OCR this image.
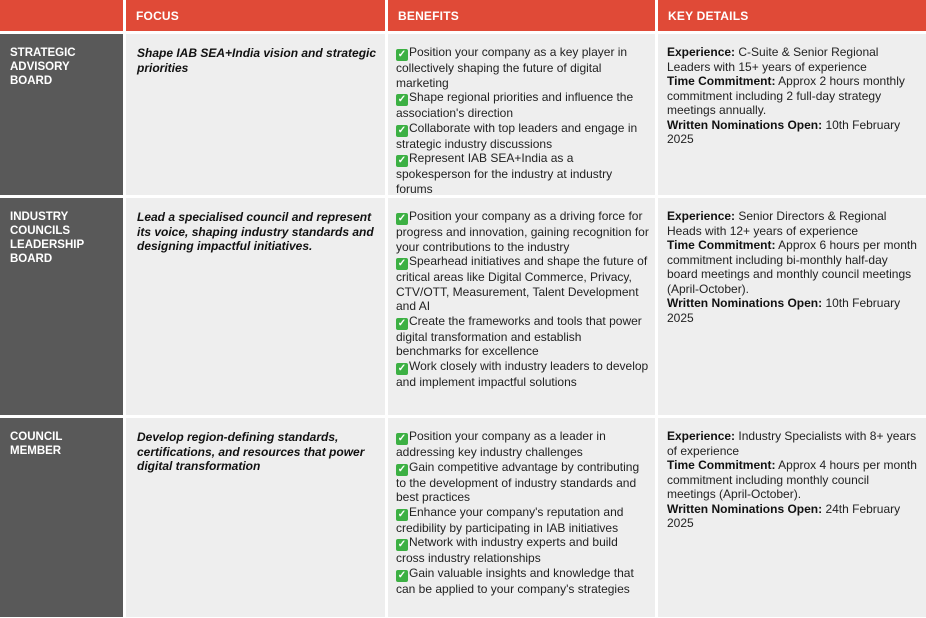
FOCUS	BENEFITS	KEY DETAILS
STRATEGIC ADVISORY BOARD
Shape IAB SEA+India vision and strategic priorities
✓ Position your company as a key player in collectively shaping the future of digital marketing
✓ Shape regional priorities and influence the association's direction
✓ Collaborate with top leaders and engage in strategic industry discussions
✓ Represent IAB SEA+India as a spokesperson for the industry at industry forums
Experience: C-Suite & Senior Regional Leaders with 15+ years of experience
Time Commitment: Approx 2 hours monthly commitment including 2 full-day strategy meetings annually.
Written Nominations Open: 10th February 2025
INDUSTRY COUNCILS LEADERSHIP BOARD
Lead a specialised council and represent its voice, shaping industry standards and designing impactful initiatives.
✓ Position your company as a driving force for progress and innovation, gaining recognition for your contributions to the industry
✓ Spearhead initiatives and shape the future of critical areas like Digital Commerce, Privacy, CTV/OTT, Measurement, Talent Development and AI
✓ Create the frameworks and tools that power digital transformation and establish benchmarks for excellence
✓ Work closely with industry leaders to develop and implement impactful solutions
Experience: Senior Directors & Regional Heads with 12+ years of experience
Time Commitment: Approx 6 hours per month commitment including bi-monthly half-day board meetings and monthly council meetings (April-October).
Written Nominations Open: 10th February 2025
COUNCIL MEMBER
Develop region-defining standards, certifications, and resources that power digital transformation
✓ Position your company as a leader in addressing key industry challenges
✓ Gain competitive advantage by contributing to the development of industry standards and best practices
✓ Enhance your company's reputation and credibility by participating in IAB initiatives
✓ Network with industry experts and build cross industry relationships
✓ Gain valuable insights and knowledge that can be applied to your company's strategies
Experience: Industry Specialists with 8+ years of experience
Time Commitment: Approx 4 hours per month commitment including monthly council meetings (April-October).
Written Nominations Open: 24th February 2025
